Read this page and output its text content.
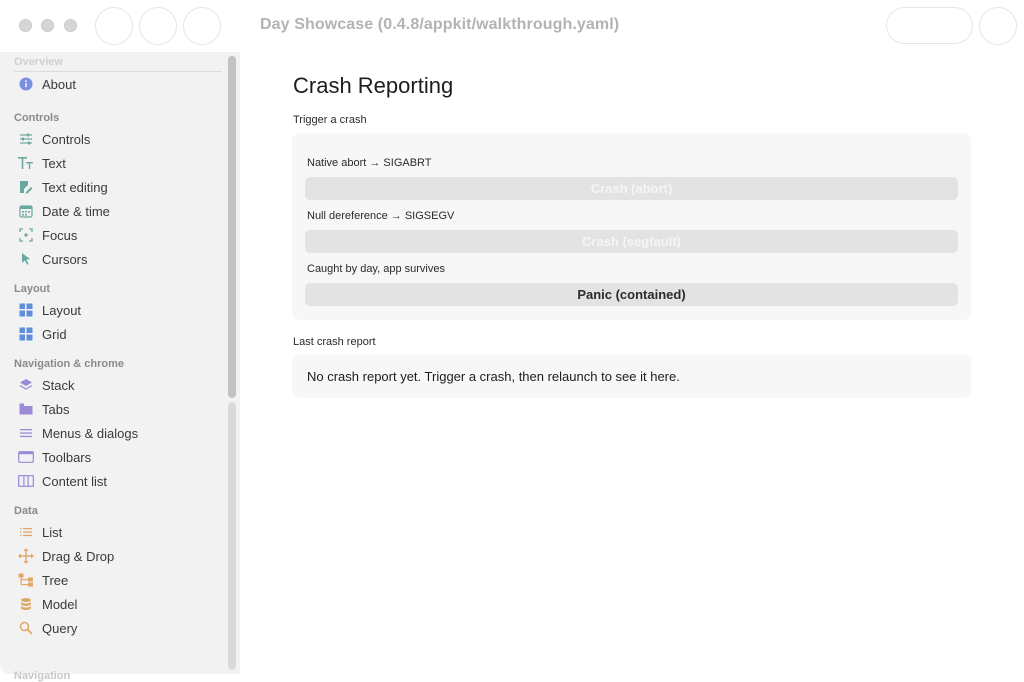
Day Showcase (0.4.8/appkit/walkthrough.yaml)
Overview
About
Controls
Controls
Text
Text editing
Date & time
Focus
Cursors
Layout
Layout
Grid
Navigation & chrome
Stack
Tabs
Menus & dialogs
Toolbars
Content list
Data
List
Drag & Drop
Tree
Model
Query
Navigation
Crash Reporting
Trigger a crash
Native abort → SIGABRT
Crash (abort)
Null dereference → SIGSEGV
Crash (segfault)
Caught by day, app survives
Panic (contained)
Last crash report
No crash report yet. Trigger a crash, then relaunch to see it here.
